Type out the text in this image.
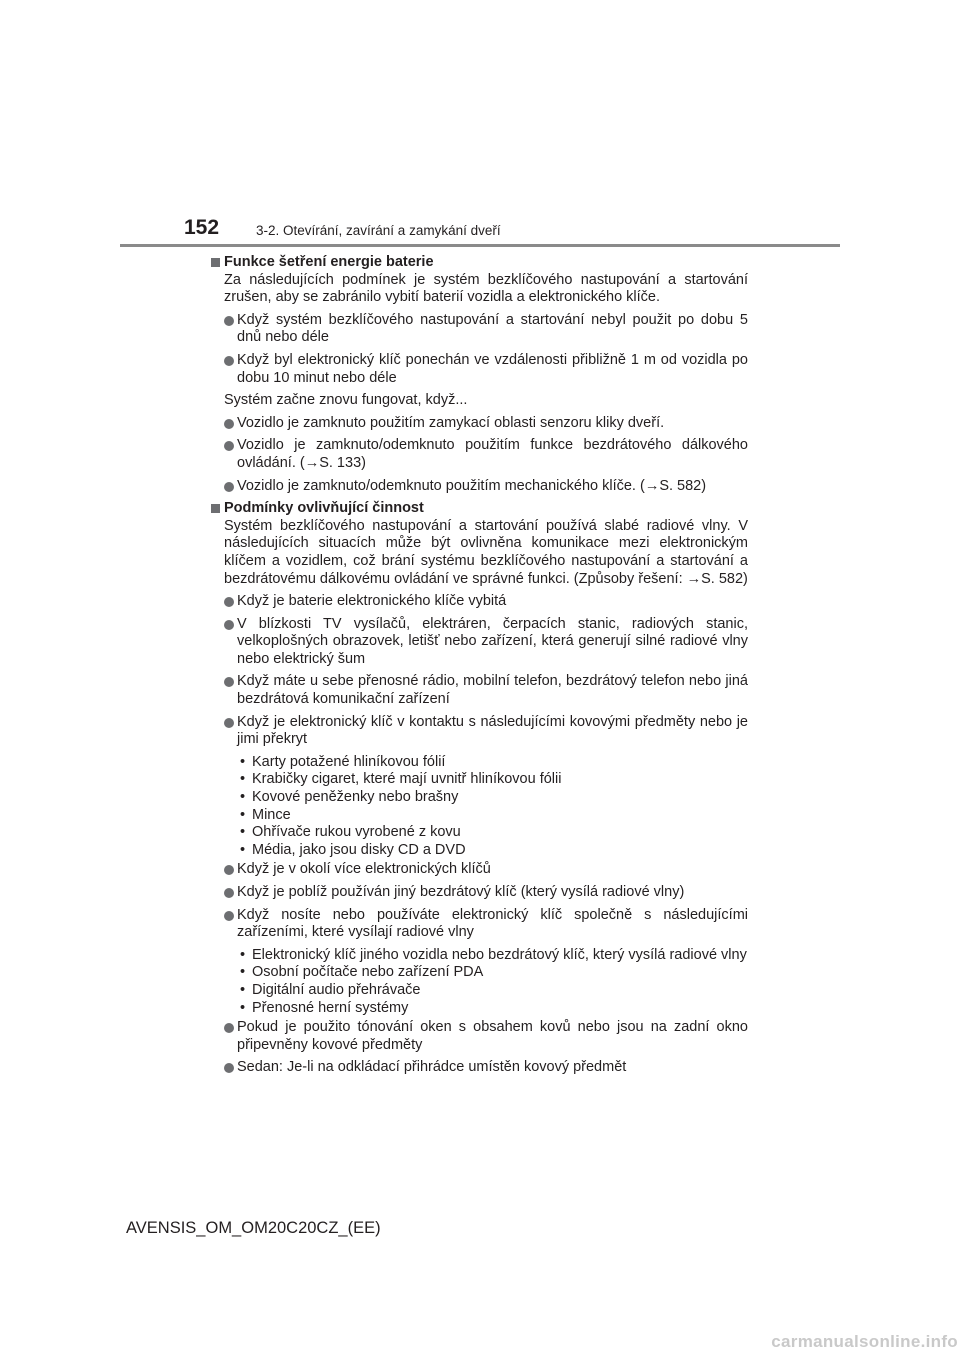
152	3-2. Otevírání, zavírání a zamykání dveří
Funkce šetření energie baterie
Za následujících podmínek je systém bezklíčového nastupování a startování zrušen, aby se zabránilo vybití baterií vozidla a elektronického klíče.
Když systém bezklíčového nastupování a startování nebyl použit po dobu 5 dnů nebo déle
Když byl elektronický klíč ponechán ve vzdálenosti přibližně 1 m od vozidla po dobu 10 minut nebo déle
Systém začne znovu fungovat, když...
Vozidlo je zamknuto použitím zamykací oblasti senzoru kliky dveří.
Vozidlo je zamknuto/odemknuto použitím funkce bezdrátového dálkového ovládání. (→S. 133)
Vozidlo je zamknuto/odemknuto použitím mechanického klíče. (→S. 582)
Podmínky ovlivňující činnost
Systém bezklíčového nastupování a startování používá slabé radiové vlny. V následujících situacích může být ovlivněna komunikace mezi elektronickým klíčem a vozidlem, což brání systému bezklíčového nastupování a startování a bezdrátovému dálkovému ovládání ve správné funkci. (Způsoby řešení: →S. 582)
Když je baterie elektronického klíče vybitá
V blízkosti TV vysílačů, elektráren, čerpacích stanic, radiových stanic, velkoplošných obrazovek, letišť nebo zařízení, která generují silné radiové vlny nebo elektrický šum
Když máte u sebe přenosné rádio, mobilní telefon, bezdrátový telefon nebo jiná bezdrátová komunikační zařízení
Když je elektronický klíč v kontaktu s následujícími kovovými předměty nebo je jimi překryt
• Karty potažené hliníkovou fólií
• Krabičky cigaret, které mají uvnitř hliníkovou fólii
• Kovové peněženky nebo brašny
• Mince
• Ohřívače rukou vyrobené z kovu
• Média, jako jsou disky CD a DVD
Když je v okolí více elektronických klíčů
Když je poblíž používán jiný bezdrátový klíč (který vysílá radiové vlny)
Když nosíte nebo používáte elektronický klíč společně s následujícími zařízeními, které vysílají radiové vlny
• Elektronický klíč jiného vozidla nebo bezdrátový klíč, který vysílá radiové vlny
• Osobní počítače nebo zařízení PDA
• Digitální audio přehrávače
• Přenosné herní systémy
Pokud je použito tónování oken s obsahem kovů nebo jsou na zadní okno připevněny kovové předměty
Sedan: Je-li na odkládací přihrádce umístěn kovový předmět
AVENSIS_OM_OM20C20CZ_(EE)
carmanualsonline.info
